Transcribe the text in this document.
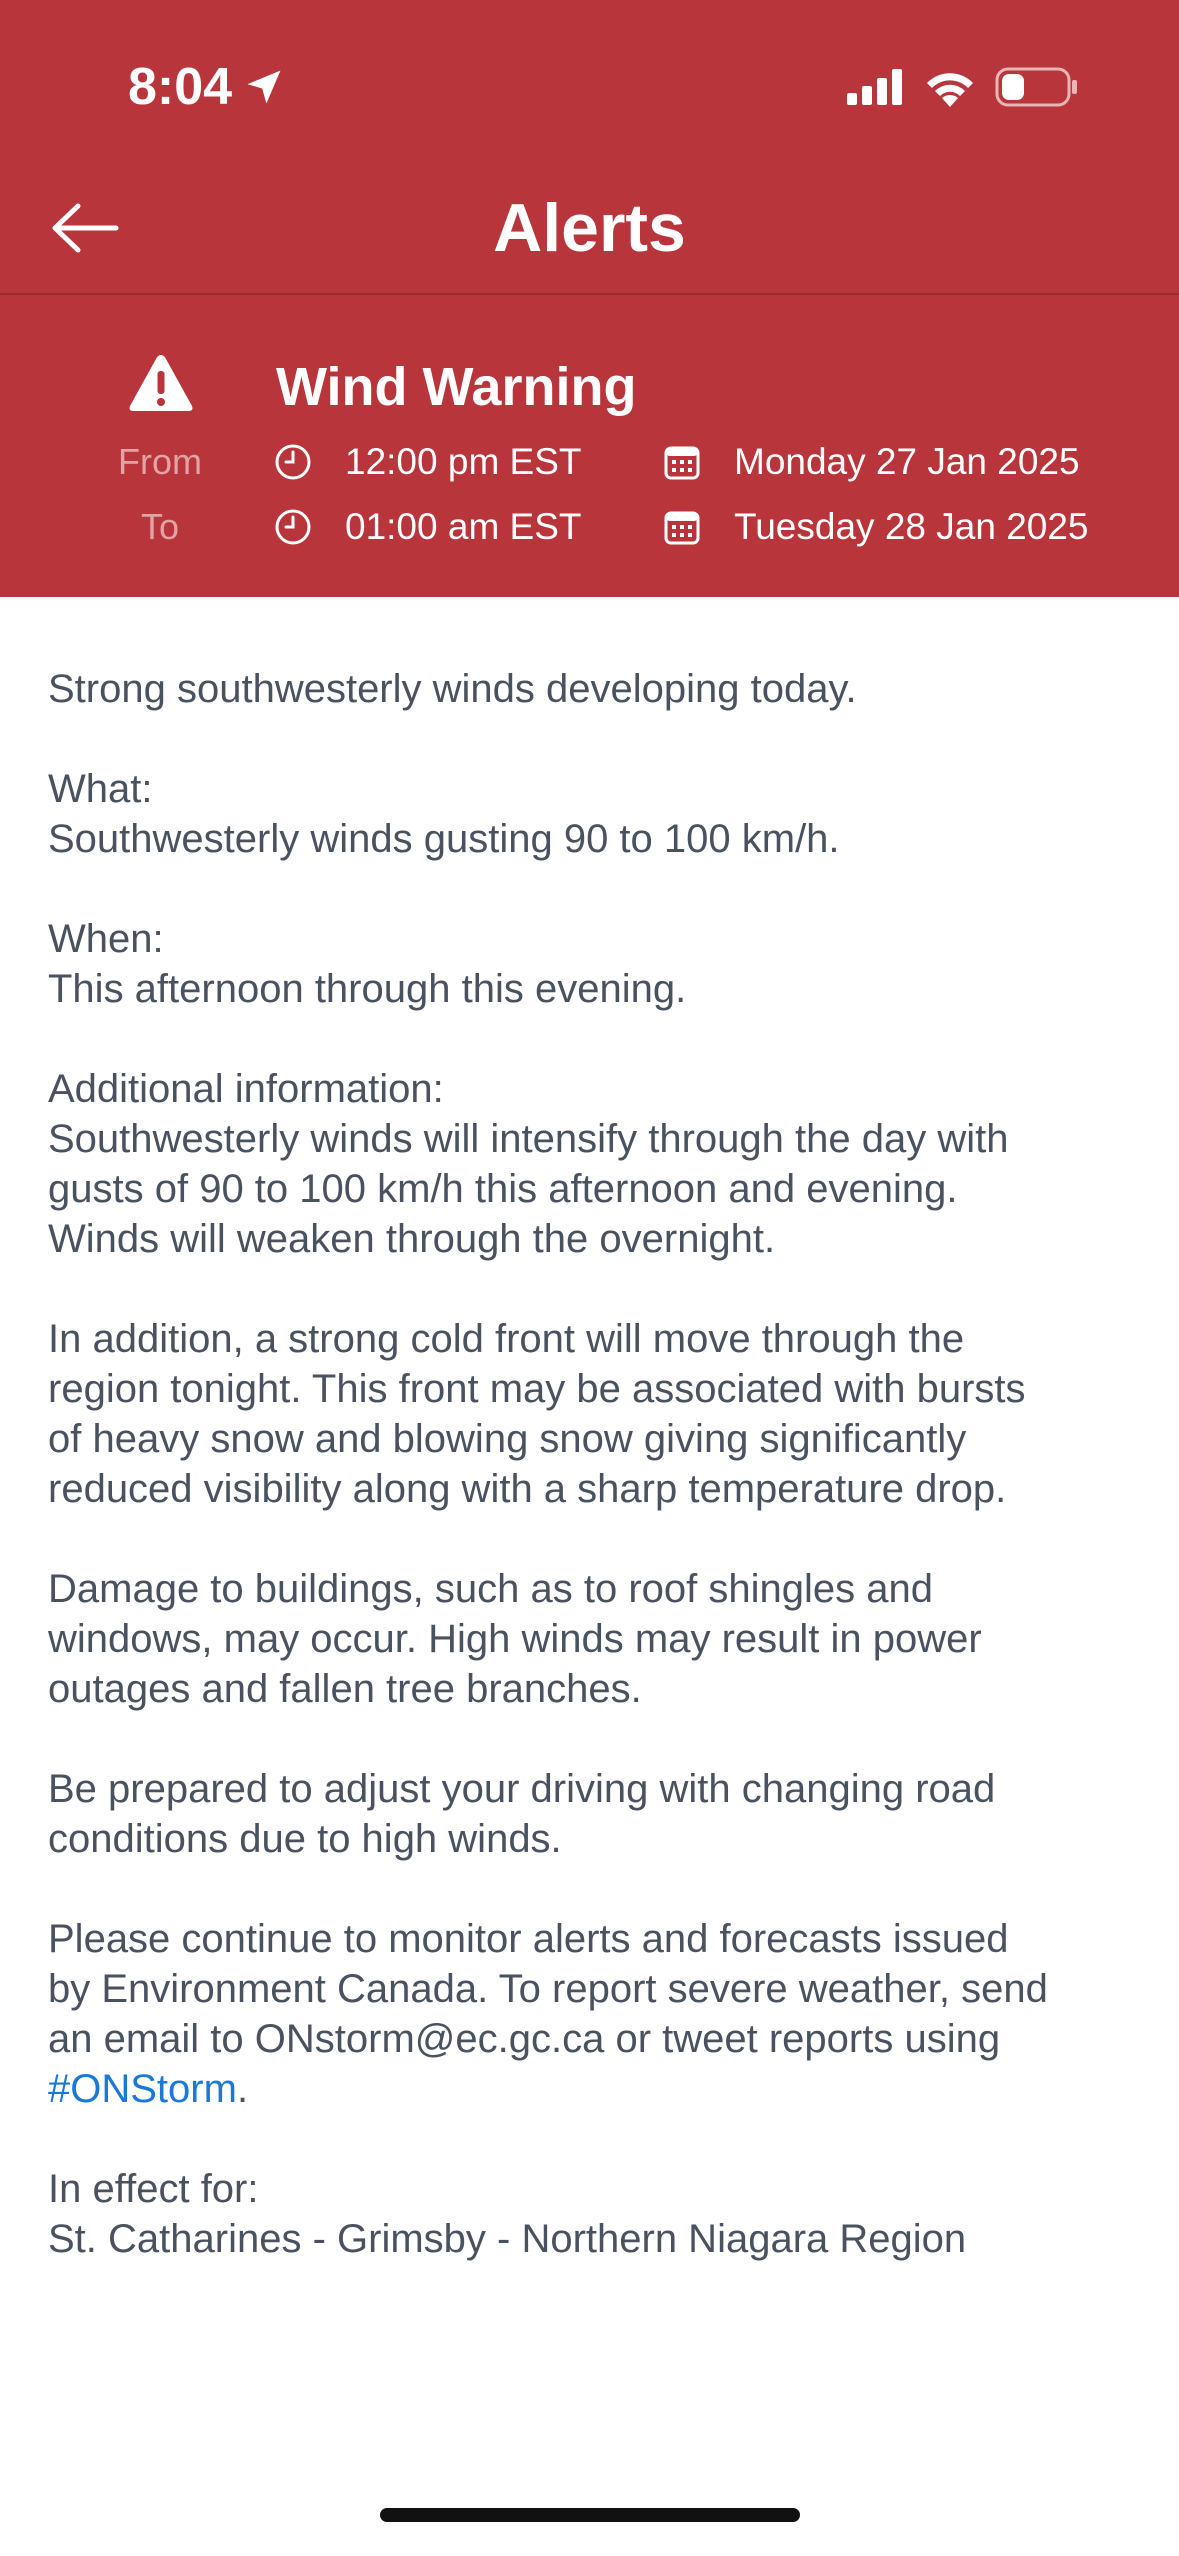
8:04
Alerts
Wind Warning
From	12:00 pm EST	Monday 27 Jan 2025
To	01:00 am EST	Tuesday 28 Jan 2025

Strong southwesterly winds developing today.

What:
Southwesterly winds gusting 90 to 100 km/h.

When:
This afternoon through this evening.

Additional information:
Southwesterly winds will intensify through the day with
gusts of 90 to 100 km/h this afternoon and evening.
Winds will weaken through the overnight.

In addition, a strong cold front will move through the
region tonight. This front may be associated with bursts
of heavy snow and blowing snow giving significantly
reduced visibility along with a sharp temperature drop.

Damage to buildings, such as to roof shingles and
windows, may occur. High winds may result in power
outages and fallen tree branches.

Be prepared to adjust your driving with changing road
conditions due to high winds.

Please continue to monitor alerts and forecasts issued
by Environment Canada. To report severe weather, send
an email to ONstorm@ec.gc.ca or tweet reports using
#ONStorm.

In effect for:
St. Catharines - Grimsby - Northern Niagara Region
